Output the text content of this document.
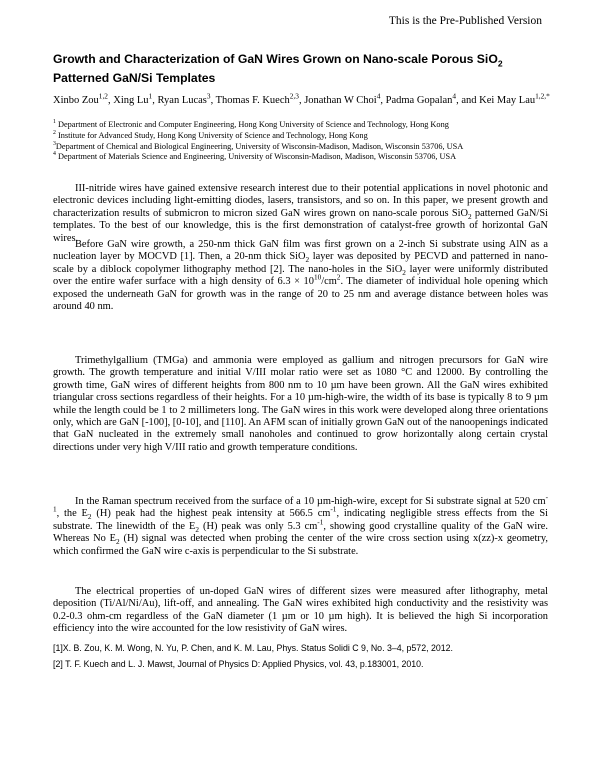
This is the Pre-Published Version
Growth and Characterization of GaN Wires Grown on Nano-scale Porous SiO$_2$
Patterned GaN/Si Templates
Xinbo Zou$^{1,2}$, Xing Lu$^1$, Ryan Lucas$^3$, Thomas F. Kuech$^{2,3}$, Jonathan W Choi$^4$, Padma Gopalan$^4$, and Kei May Lau$^{1,2,*}$
$^1$ Department of Electronic and Computer Engineering, Hong Kong University of Science and Technology, Hong Kong
$^2$ Institute for Advanced Study, Hong Kong University of Science and Technology, Hong Kong
$^3$Department of Chemical and Biological Engineering, University of Wisconsin-Madison, Madison, Wisconsin 53706, USA
$^4$ Department of Materials Science and Engineering, University of Wisconsin-Madison, Madison, Wisconsin 53706, USA

III-nitride wires have gained extensive research interest due to their potential applications in novel photonic and electronic devices including light-emitting diodes, lasers, transistors, and so on. In this paper, we present growth and characterization results of submicron to micron sized GaN wires grown on nano-scale porous SiO$_2$ patterned GaN/Si templates. To the best of our knowledge, this is the first demonstration of catalyst-free growth of horizontal GaN wires.

Before GaN wire growth, a 250-nm thick GaN film was first grown on a 2-inch Si substrate using AlN as a nucleation layer by MOCVD [1]. Then, a 20-nm thick SiO$_2$ layer was deposited by PECVD and patterned in nano-scale by a diblock copolymer lithography method [2]. The nano-holes in the SiO$_2$ layer were uniformly distributed over the entire wafer surface with a high density of $6.3 \times 10^{10}/cm^2$. The diameter of individual hole opening which exposed the underneath GaN for growth was in the range of 20 to 25 nm and average distance between holes was around 40 nm.

Trimethylgallium (TMGa) and ammonia were employed as gallium and nitrogen precursors for GaN wire growth. The growth temperature and initial V/III molar ratio were set as 1080 °C and 12000. By controlling the growth time, GaN wires of different heights from 800 nm to 10 µm have been grown. All the GaN wires exhibited triangular cross sections regardless of their heights. For a 10 µm-high-wire, the width of its base is typically 8 to 9 µm while the length could be 1 to 2 millimeters long. The GaN wires in this work were developed along three orientations only, which are GaN [-100], [0-10], and [110]. An AFM scan of initially grown GaN out of the nanoopenings indicated that GaN nucleated in the extremely small nanoholes and continued to grow horizontally along certain crystal directions under very high V/III ratio and growth temperature conditions.

In the Raman spectrum received from the surface of a 10 µm-high-wire, except for Si substrate signal at 520 $cm^{-1}$, the $E_2$ (H) peak had the highest peak intensity at 566.5 $cm^{-1}$, indicating negligible stress effects from the Si substrate. The linewidth of the $E_2$ (H) peak was only 5.3 $cm^{-1}$, showing good crystalline quality of the GaN wire. Whereas No $E_2$ (H) signal was detected when probing the center of the wire cross section using x(zz)-x geometry, which confirmed the GaN wire c-axis is perpendicular to the Si substrate.

The electrical properties of un-doped GaN wires of different sizes were measured after lithography, metal deposition (Ti/Al/Ni/Au), lift-off, and annealing. The GaN wires exhibited high conductivity and the resistivity was 0.2-0.3 ohm-cm regardless of the GaN diameter (1 µm or 10 µm high). It is believed the high Si incorporation efficiency into the wire accounted for the low resistivity of GaN wires.

[1]X. B. Zou, K. M. Wong, N. Yu, P. Chen, and K. M. Lau, Phys. Status Solidi C 9, No. 3–4, p572, 2012.
[2] T. F. Kuech and L. J. Mawst, Journal of Physics D: Applied Physics, vol. 43, p.183001, 2010.
